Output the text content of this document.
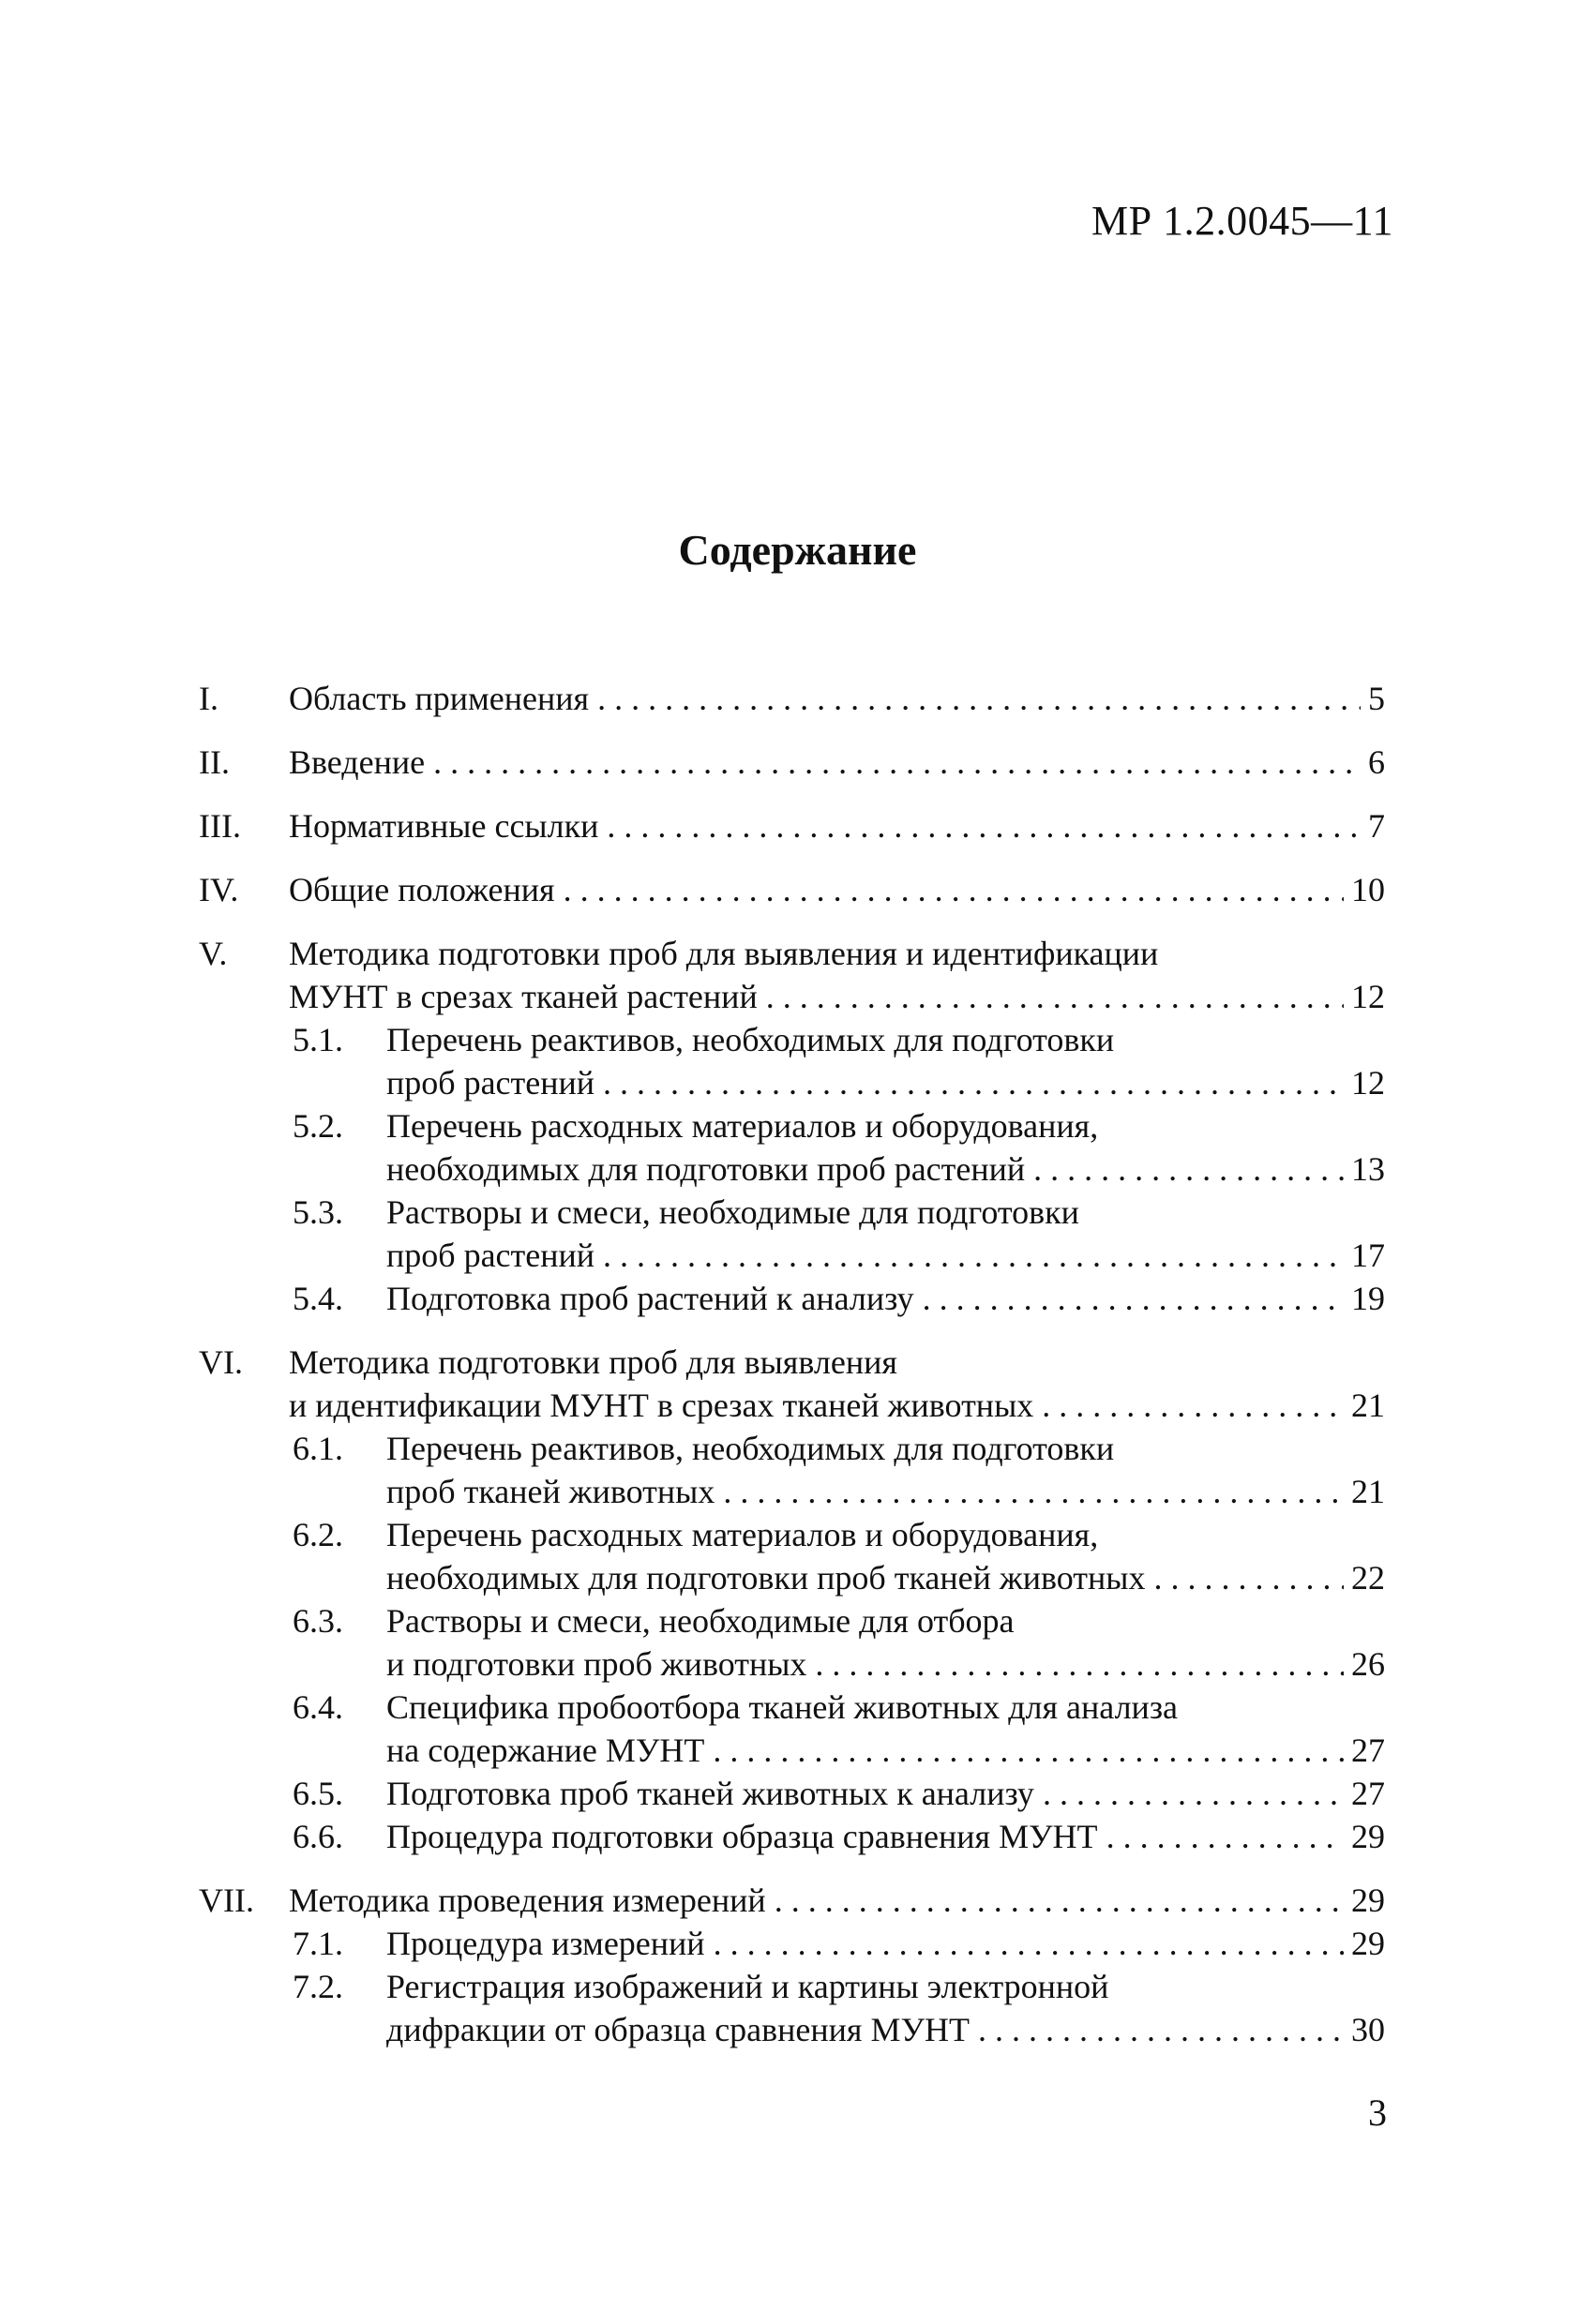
МР 1.2.0045—11
Содержание
I. Область применения . . .	5
II. Введение . . .	6
III. Нормативные ссылки . . .	7
IV. Общие положения . . .	10
V. Методика подготовки проб для выявления и идентификации
МУНТ в срезах тканей растений . . .	12
5.1. Перечень реактивов, необходимых для подготовки
проб растений . . .	12
5.2. Перечень расходных материалов и оборудования,
необходимых для подготовки проб растений . . .	13
5.3. Растворы и смеси, необходимые для подготовки
проб растений . . .	17
5.4. Подготовка проб растений к анализу . . .	19
VI. Методика подготовки проб для выявления
и идентификации МУНТ в срезах тканей животных . . .	21
6.1. Перечень реактивов, необходимых для подготовки
проб тканей животных . . .	21
6.2. Перечень расходных материалов и оборудования,
необходимых для подготовки проб тканей животных . . .	22
6.3. Растворы и смеси, необходимые для отбора
и подготовки проб животных . . .	26
6.4. Специфика пробоотбора тканей животных для анализа
на содержание МУНТ . . .	27
6.5. Подготовка проб тканей животных к анализу . . .	27
6.6. Процедура подготовки образца сравнения МУНТ . . .	29
VII. Методика проведения измерений . . .	29
7.1. Процедура измерений . . .	29
7.2. Регистрация изображений и картины электронной
дифракции от образца сравнения МУНТ . . .	30
3
